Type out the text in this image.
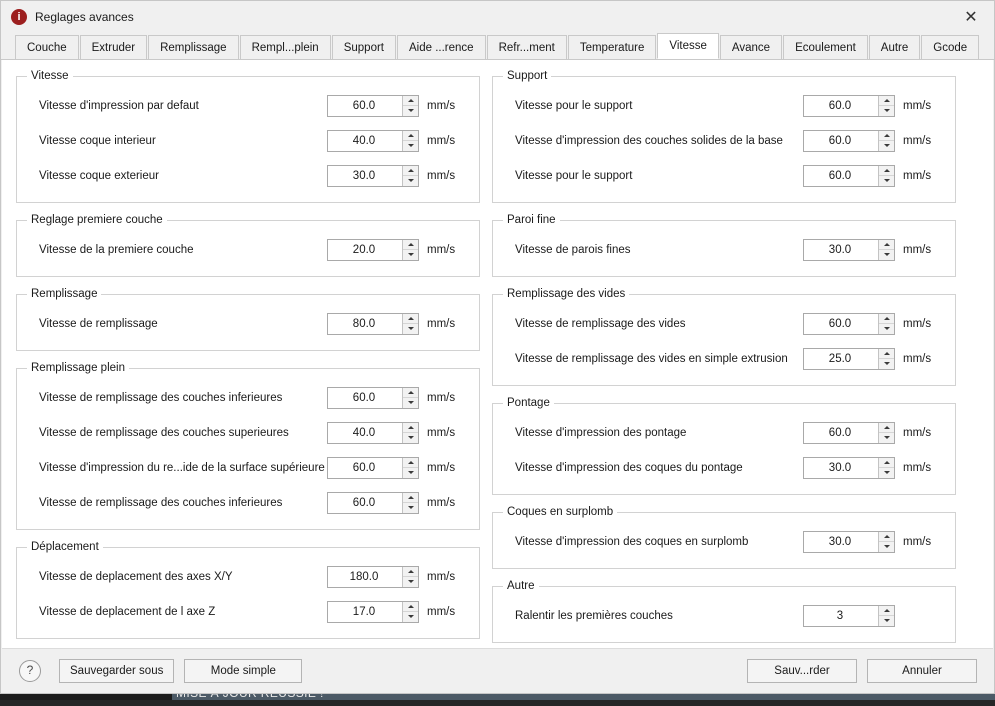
i	Reglages avances	✕
Couche	Extruder	Remplissage	Rempl...plein	Support	Aide ...rence	Refr...ment	Temperature	Vitesse	Avance	Ecoulement	Autre	Gcode
Vitesse
Vitesse d'impression par defaut	60.0	mm/s
Vitesse coque interieur	40.0	mm/s
Vitesse coque exterieur	30.0	mm/s
Reglage premiere couche
Vitesse de la premiere couche	20.0	mm/s
Remplissage
Vitesse de remplissage	80.0	mm/s
Remplissage plein
Vitesse de remplissage des couches inferieures	60.0	mm/s
Vitesse de remplissage des couches superieures	40.0	mm/s
Vitesse d'impression du re...ide de la surface supérieure	60.0	mm/s
Vitesse de remplissage des couches inferieures	60.0	mm/s
Déplacement
Vitesse de deplacement des axes X/Y	180.0	mm/s
Vitesse de deplacement de l axe Z	17.0	mm/s
Support
Vitesse pour le support	60.0	mm/s
Vitesse d'impression des couches solides de la base	60.0	mm/s
Vitesse pour le support	60.0	mm/s
Paroi fine
Vitesse de parois fines	30.0	mm/s
Remplissage des vides
Vitesse de remplissage des vides	60.0	mm/s
Vitesse de remplissage des vides en simple extrusion	25.0	mm/s
Pontage
Vitesse d'impression des pontage	60.0	mm/s
Vitesse d'impression des coques du pontage	30.0	mm/s
Coques en surplomb
Vitesse d'impression des coques en surplomb	30.0	mm/s
Autre
Ralentir les premières couches	3
?	Sauvegarder sous	Mode simple	Sauv...rder	Annuler
